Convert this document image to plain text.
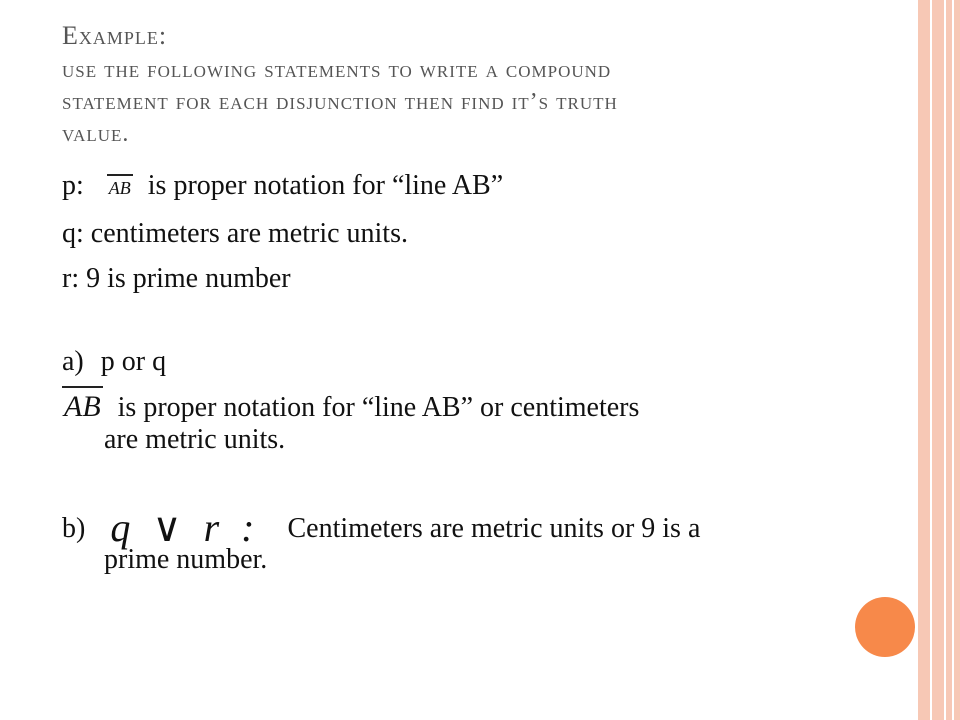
Example:
use the following statements to write a compound
statement for each disjunction then find it’s truth
value.
p: AB is proper notation for “line AB”
q: centimeters are metric units.
r: 9 is prime number
a) p or q
AB is proper notation for “line AB” or centimeters
are metric units.
b) q ∨ r : Centimeters are metric units or 9 is a
prime number.
